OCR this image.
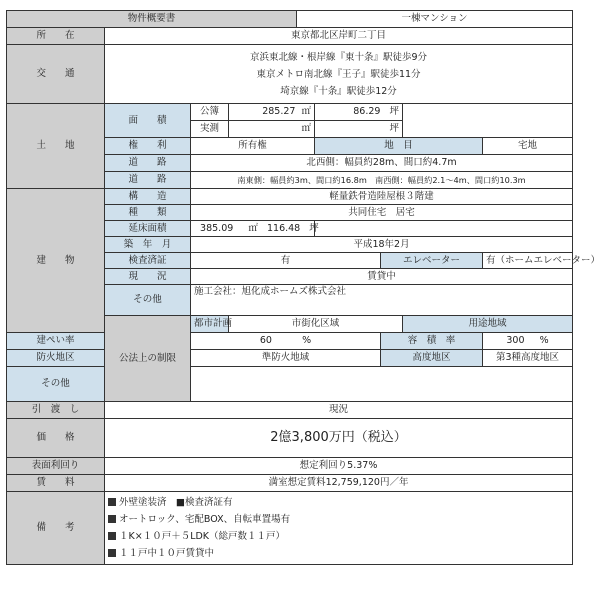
物件概要書				一棟マンション					
所　　在	東京都北区岸町二丁目								
交　　通	京浜東北線・根岸線『東十条』駅徒歩9分
東京メトロ南北線『王子』駅徒歩11分
埼京線『十条』駅徒歩12分								

土　　地	面　　積	公簿	285.27 ㎡		86.29 坪				
		実測	㎡		坪				
	権　　利	所有権			地　目			宅地	
	道　　路	北西側：幅員約28m、間口約4.7m							
	道　　路	南東側：幅員約3m、間口約16.8m　南西側：幅員約2.1～4m、間口約10.3m							
建　　物	構　　造	軽量鉄骨造陸屋根３階建							
	種　　類	共同住宅　居宅							
	延床面積	385.09 ㎡ 116.48 坪							
	築　年　月	平成18年2月							
	検査済証	有				エレベーター		有（ホームエレベーター）	
	現　　況	賃貸中							
	その他	施工会社：旭化成ホームズ株式会社							
	公法上の制限	都市計画	市街化区域				用途地域	
建ぺい率		60 %				容　積　率		300 %	
防火地区		準防火地域				高度地区		第3種高度地区	
その他									
引　渡　し	現況								
価　　格	2億3,800万円（税込）								
表面利回り	想定利回り5.37%								
賃　　料	満室想定賃料12,759,120円／年								
備　　考	外壁塗装済　■検査済証有
オートロック、宅配BOX、自転車置場有
１K×１０戸＋５LDK（総戸数１１戸）
１１戸中１０戸賃貸中								
